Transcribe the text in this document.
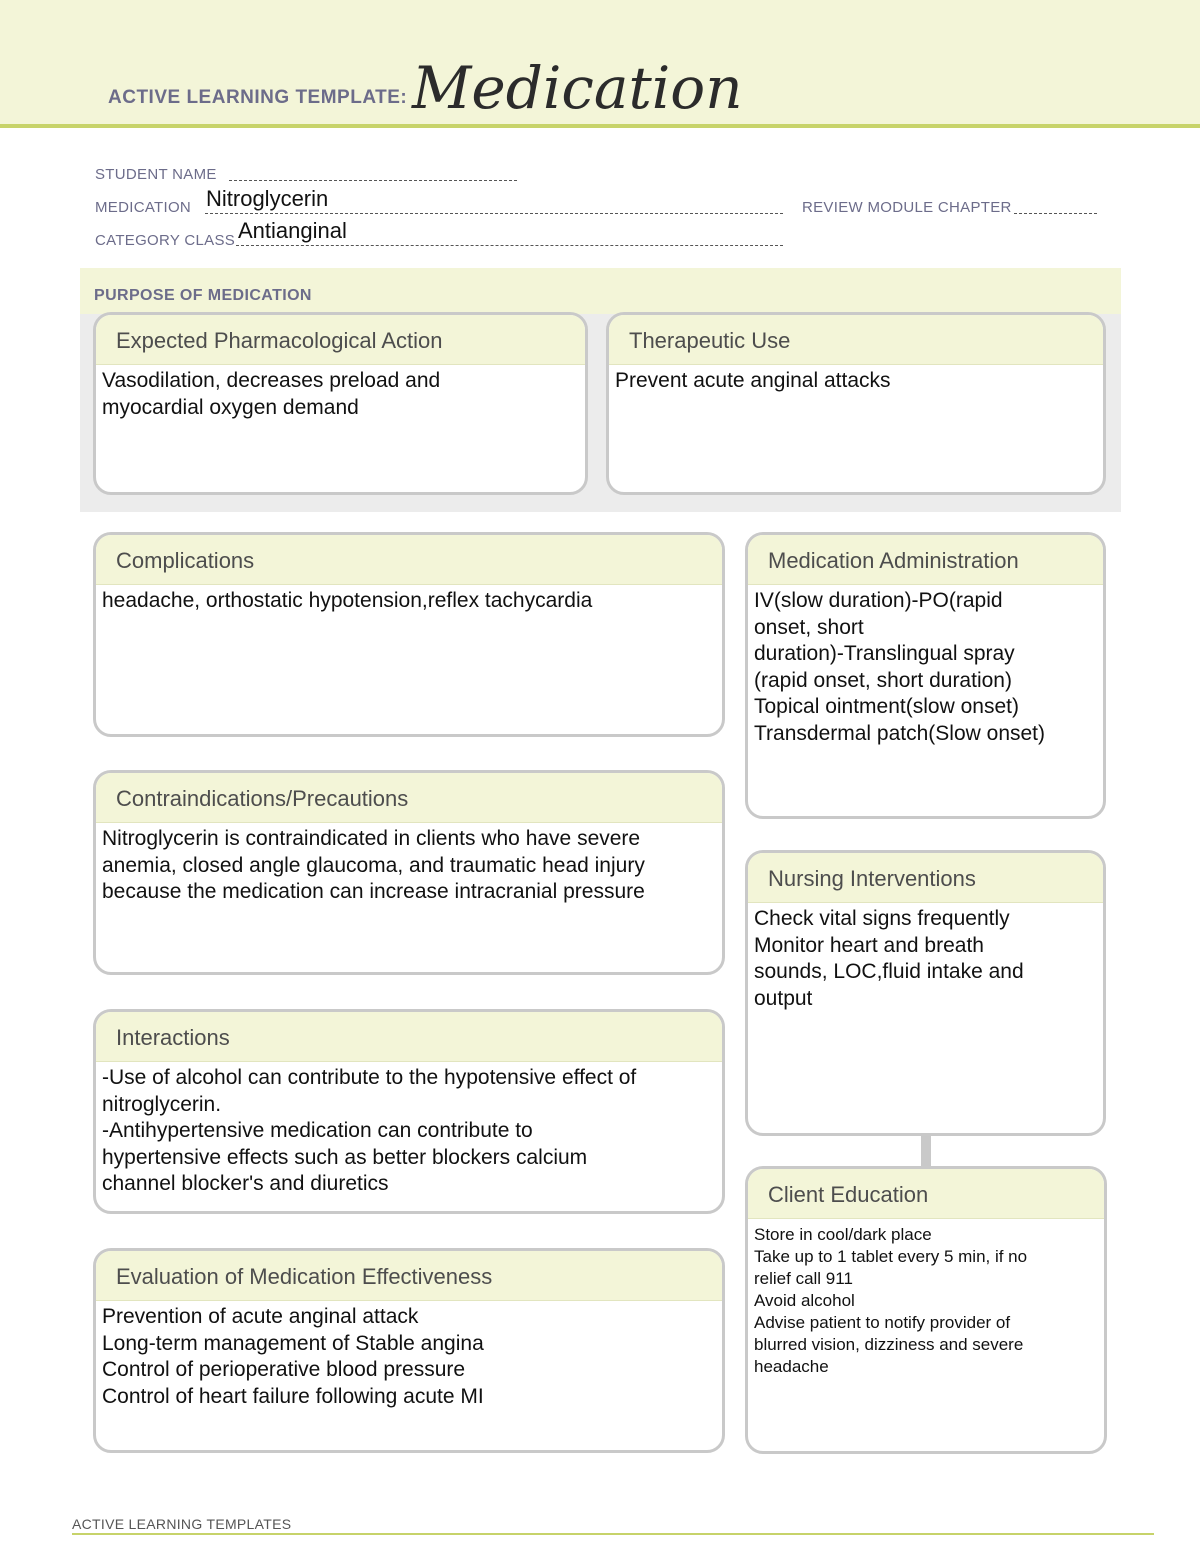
ACTIVE LEARNING TEMPLATE: Medication
STUDENT NAME
MEDICATION Nitroglycerin	REVIEW MODULE CHAPTER
CATEGORY CLASS Antianginal
PURPOSE OF MEDICATION
Expected Pharmacological Action
Vasodilation, decreases preload and
myocardial oxygen demand
Therapeutic Use
Prevent acute anginal attacks
Complications
headache, orthostatic hypotension,reflex tachycardia
Contraindications/Precautions
Nitroglycerin is contraindicated in clients who have severe
anemia, closed angle glaucoma, and traumatic head injury
because the medication can increase intracranial pressure
Interactions
-Use of alcohol can contribute to the hypotensive effect of
nitroglycerin.
-Antihypertensive medication can contribute to
hypertensive effects such as better blockers calcium
channel blocker's and diuretics
Evaluation of Medication Effectiveness
Prevention of acute anginal attack
Long-term management of Stable angina
Control of perioperative blood pressure
Control of heart failure following acute MI
Medication Administration
IV(slow duration)-PO(rapid
onset, short
duration)-Translingual spray
(rapid onset, short duration)
Topical ointment(slow onset)
Transdermal patch(Slow onset)
Nursing Interventions
Check vital signs frequently
Monitor heart and breath
sounds, LOC,fluid intake and
output
Client Education
Store in cool/dark place
Take up to 1 tablet every 5 min, if no
relief call 911
Avoid alcohol
Advise patient to notify provider of
blurred vision, dizziness and severe
headache
ACTIVE LEARNING TEMPLATES
